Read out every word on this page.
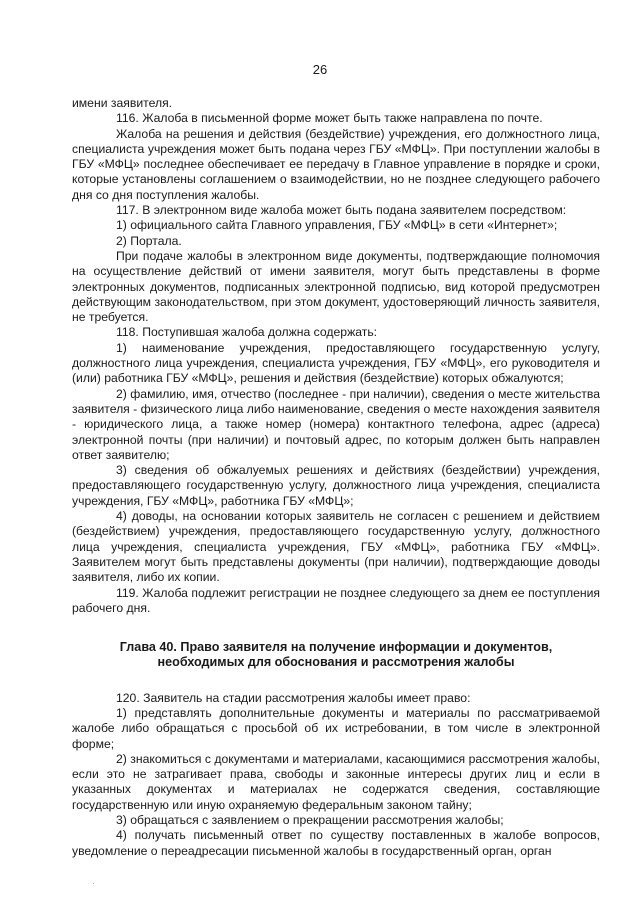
26

имени заявителя.

116. Жалоба в письменной форме может быть также направлена по почте.

Жалоба на решения и действия (бездействие) учреждения, его должностного лица, специалиста учреждения может быть подана через ГБУ «МФЦ». При поступлении жалобы в ГБУ «МФЦ» последнее обеспечивает ее передачу в Главное управление в порядке и сроки, которые установлены соглашением о взаимодействии, но не позднее следующего рабочего дня со дня поступления жалобы.

117. В электронном виде жалоба может быть подана заявителем посредством:

1) официального сайта Главного управления, ГБУ «МФЦ» в сети «Интернет»;

2) Портала.

При подаче жалобы в электронном виде документы, подтверждающие полномочия на осуществление действий от имени заявителя, могут быть представлены в форме электронных документов, подписанных электронной подписью, вид которой предусмотрен действующим законодательством, при этом документ, удостоверяющий личность заявителя, не требуется.

118. Поступившая жалоба должна содержать:

1) наименование учреждения, предоставляющего государственную услугу, должностного лица учреждения, специалиста учреждения, ГБУ «МФЦ», его руководителя и (или) работника ГБУ «МФЦ», решения и действия (бездействие) которых обжалуются;

2) фамилию, имя, отчество (последнее - при наличии), сведения о месте жительства заявителя - физического лица либо наименование, сведения о месте нахождения заявителя - юридического лица, а также номер (номера) контактного телефона, адрес (адреса) электронной почты (при наличии) и почтовый адрес, по которым должен быть направлен ответ заявителю;

3) сведения об обжалуемых решениях и действиях (бездействии) учреждения, предоставляющего государственную услугу, должностного лица учреждения, специалиста учреждения, ГБУ «МФЦ», работника ГБУ «МФЦ»;

4) доводы, на основании которых заявитель не согласен с решением и действием (бездействием) учреждения, предоставляющего государственную услугу, должностного лица учреждения, специалиста учреждения, ГБУ «МФЦ», работника ГБУ «МФЦ». Заявителем могут быть представлены документы (при наличии), подтверждающие доводы заявителя, либо их копии.

119. Жалоба подлежит регистрации не позднее следующего за днем ее поступления рабочего дня.

Глава 40. Право заявителя на получение информации и документов,
необходимых для обоснования и рассмотрения жалобы

120. Заявитель на стадии рассмотрения жалобы имеет право:

1) представлять дополнительные документы и материалы по рассматриваемой жалобе либо обращаться с просьбой об их истребовании, в том числе в электронной форме;

2) знакомиться с документами и материалами, касающимися рассмотрения жалобы, если это не затрагивает права, свободы и законные интересы других лиц и если в указанных документах и материалах не содержатся сведения, составляющие государственную или иную охраняемую федеральным законом тайну;

3) обращаться с заявлением о прекращении рассмотрения жалобы;

4) получать письменный ответ по существу поставленных в жалобе вопросов, уведомление о переадресации письменной жалобы в государственный орган, орган

·
